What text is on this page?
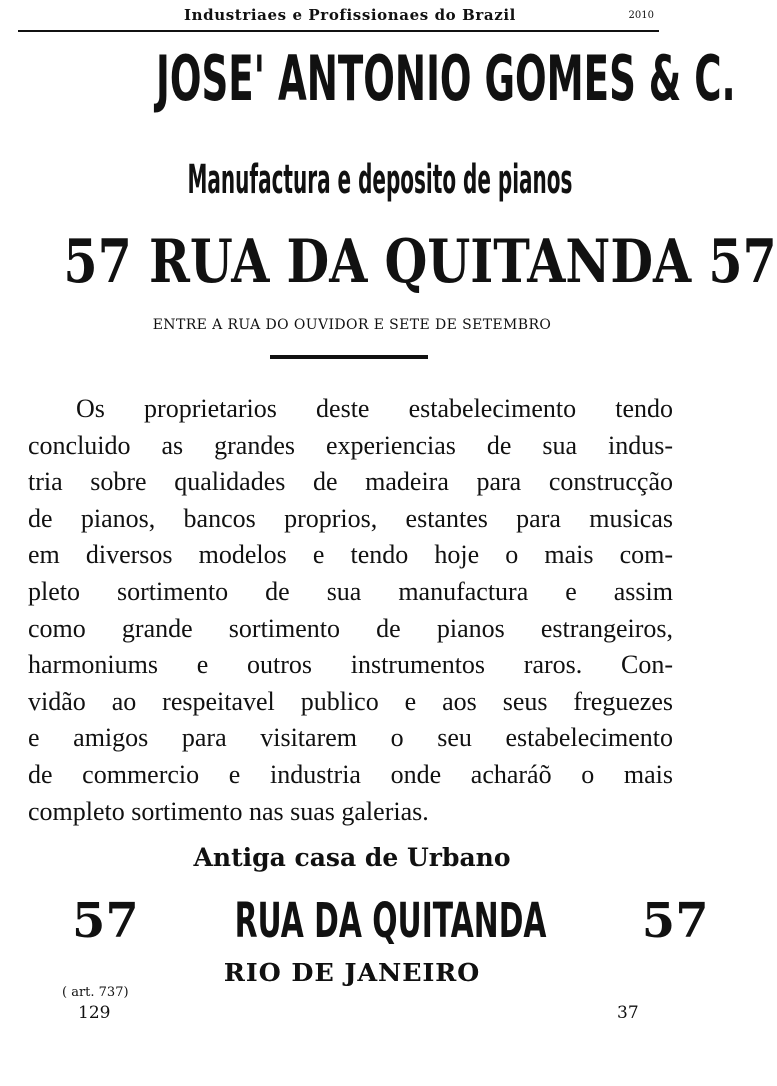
Industriaes e Profissionaes do Brazil	2010
JOSE' ANTONIO GOMES & C.
Manufactura e deposito de pianos
57 RUA DA QUITANDA 57
ENTRE A RUA DO OUVIDOR E SETE DE SETEMBRO
Os proprietarios deste estabelecimento tendo
concluido as grandes experiencias de sua indus-
tria sobre qualidades de madeira para construcção
de pianos, bancos proprios, estantes para musicas
em diversos modelos e tendo hoje o mais com-
pleto sortimento de sua manufactura e assim
como grande sortimento de pianos estrangeiros,
harmoniums e outros instrumentos raros. Con-
vidão ao respeitavel publico e aos seus freguezes
e amigos para visitarem o seu estabelecimento
de commercio e industria onde acharáõ o mais
completo sortimento nas suas galerias.
Antiga casa de Urbano
57 RUA DA QUITANDA 57
RIO DE JANEIRO
( art. 737)
129	37
